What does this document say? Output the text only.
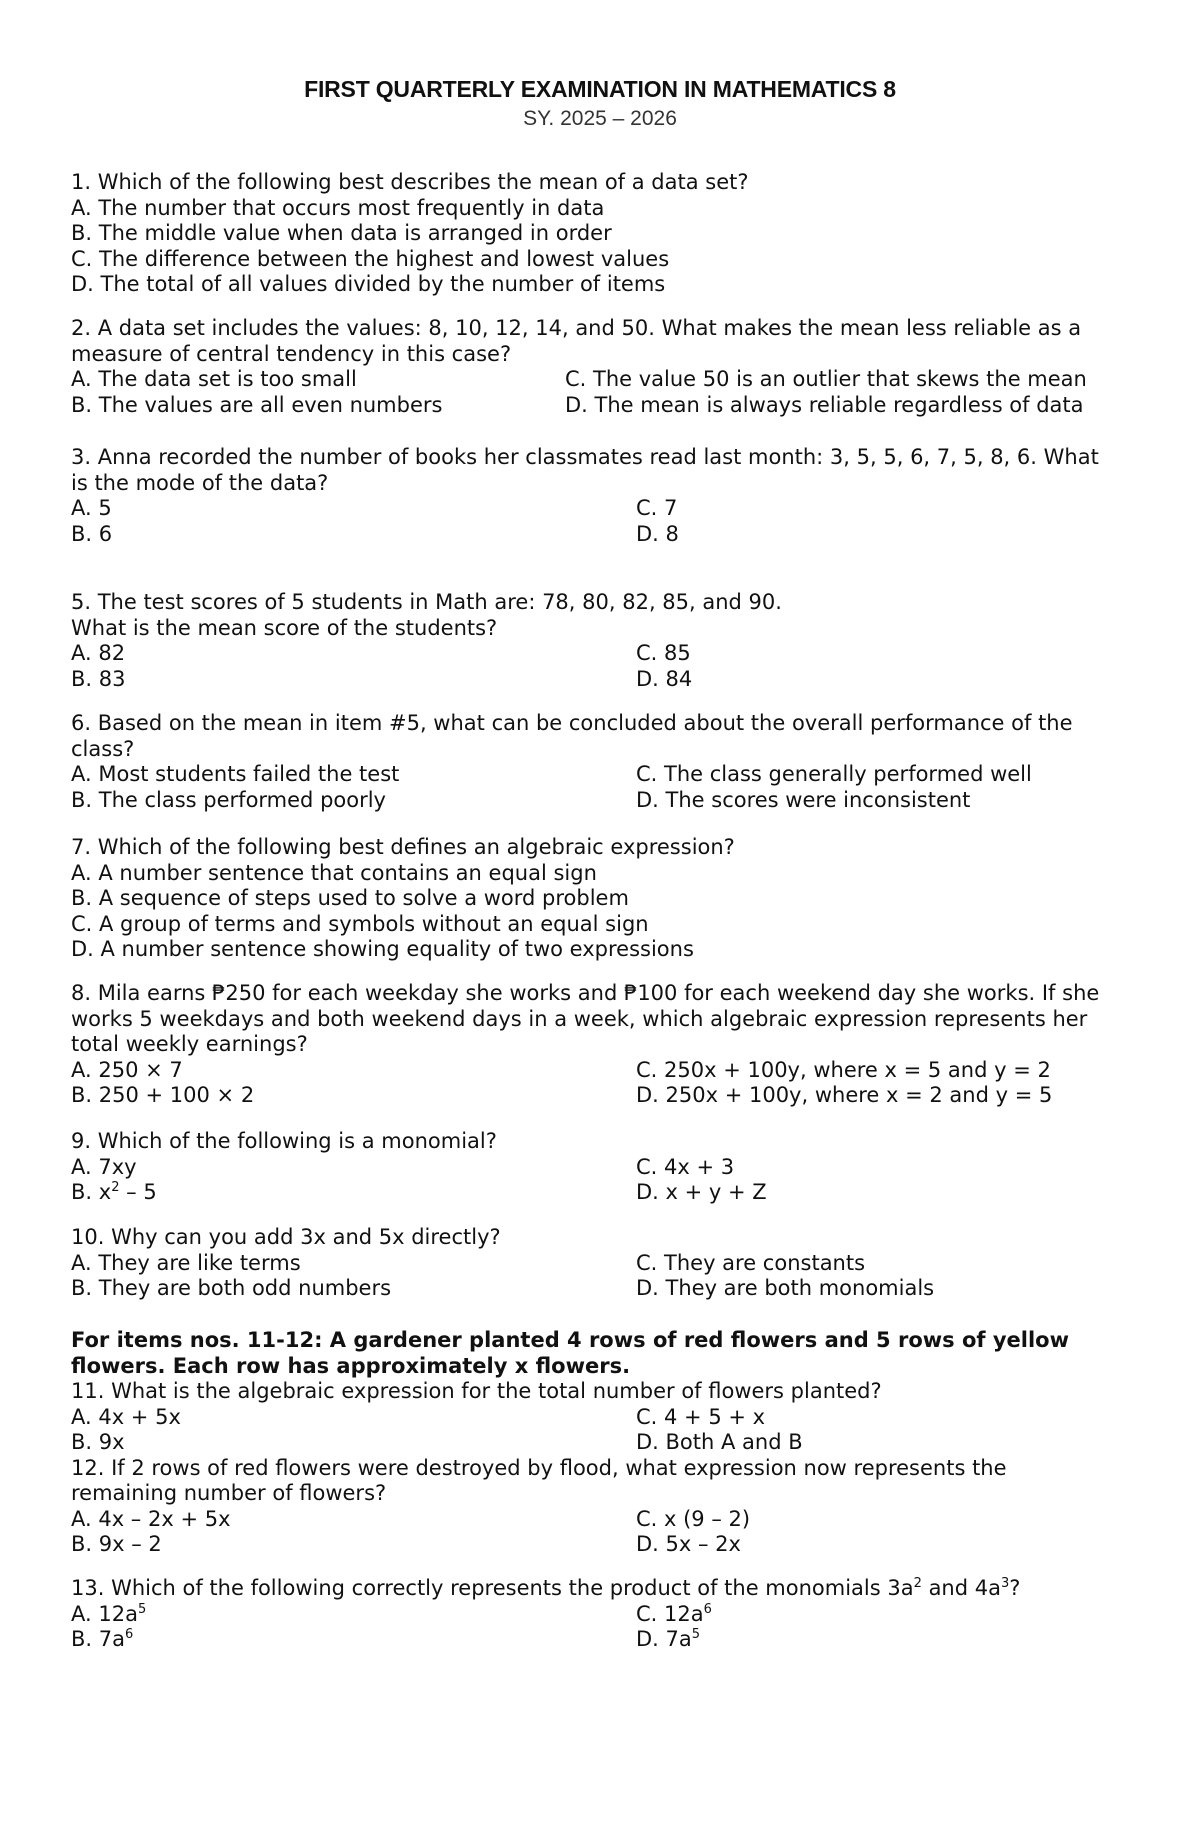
FIRST QUARTERLY EXAMINATION IN MATHEMATICS 8
SY. 2025 – 2026
1. Which of the following best describes the mean of a data set?
A. The number that occurs most frequently in data
B. The middle value when data is arranged in order
C. The difference between the highest and lowest values
D. The total of all values divided by the number of items
2. A data set includes the values: 8, 10, 12, 14, and 50. What makes the mean less reliable as a
measure of central tendency in this case?
A. The data set is too small	C. The value 50 is an outlier that skews the mean
B. The values are all even numbers	D. The mean is always reliable regardless of data
3. Anna recorded the number of books her classmates read last month: 3, 5, 5, 6, 7, 5, 8, 6. What
is the mode of the data?
A. 5	C. 7
B. 6	D. 8
5. The test scores of 5 students in Math are: 78, 80, 82, 85, and 90.
What is the mean score of the students?
A. 82	C. 85
B. 83	D. 84
6. Based on the mean in item #5, what can be concluded about the overall performance of the
class?
A. Most students failed the test	C. The class generally performed well
B. The class performed poorly	D. The scores were inconsistent
7. Which of the following best defines an algebraic expression?
A. A number sentence that contains an equal sign
B. A sequence of steps used to solve a word problem
C. A group of terms and symbols without an equal sign
D. A number sentence showing equality of two expressions
8. Mila earns ₱250 for each weekday she works and ₱100 for each weekend day she works. If she
works 5 weekdays and both weekend days in a week, which algebraic expression represents her
total weekly earnings?
A. 250 × 7	C. 250x + 100y, where x = 5 and y = 2
B. 250 + 100 × 2	D. 250x + 100y, where x = 2 and y = 5
9. Which of the following is a monomial?
A. 7xy	C. 4x + 3
B. $x^2 - 5$	D. x + y + Z
10. Why can you add 3x and 5x directly?
A. They are like terms	C. They are constants
B. They are both odd numbers	D. They are both monomials
For items nos. 11-12: A gardener planted 4 rows of red flowers and 5 rows of yellow
flowers. Each row has approximately x flowers.
11. What is the algebraic expression for the total number of flowers planted?
A. 4x + 5x	C. 4 + 5 + x
B. 9x	D. Both A and B
12. If 2 rows of red flowers were destroyed by flood, what expression now represents the
remaining number of flowers?
A. 4x – 2x + 5x	C. x (9 – 2)
B. 9x – 2	D. 5x – 2x
13. Which of the following correctly represents the product of the monomials $3a^2$ and $4a^3$?
A. $12a^5$	C. $12a^6$
B. $7a^6$	D. $7a^5$
